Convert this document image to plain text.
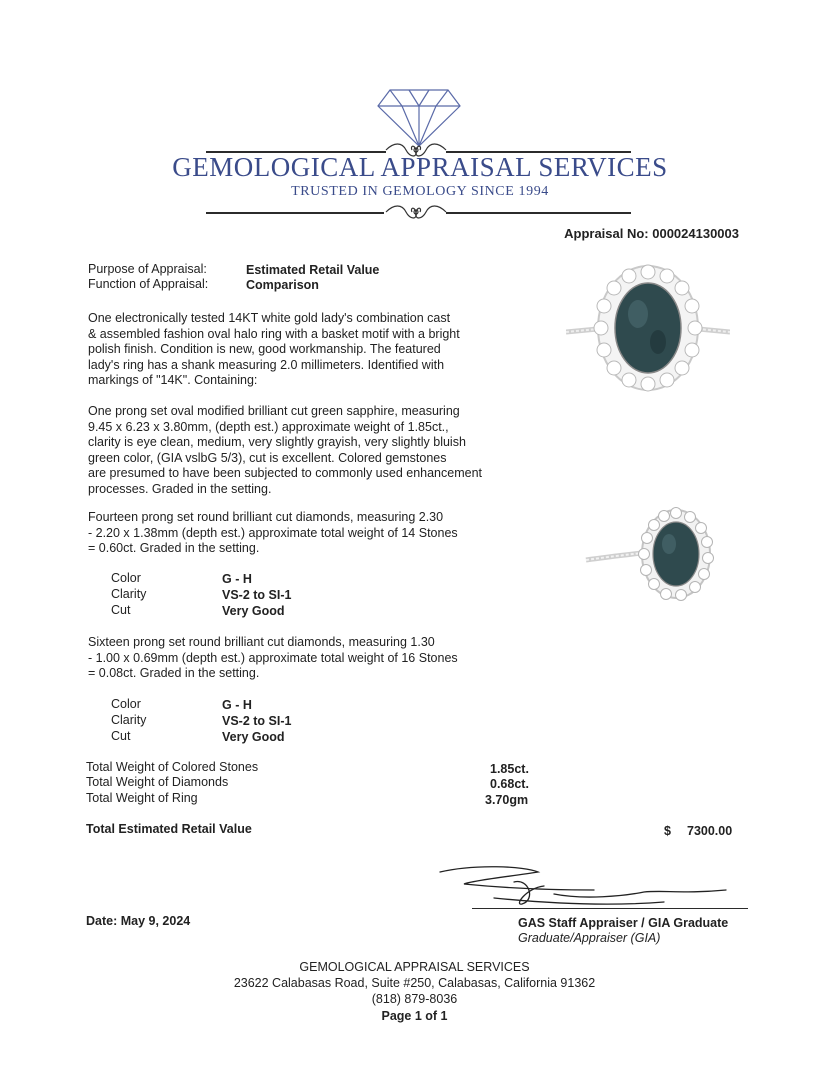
GEMOLOGICAL APPRAISAL SERVICES
TRUSTED IN GEMOLOGY SINCE 1994
Appraisal No: 000024130003
Purpose of Appraisal:	Estimated Retail Value
Function of Appraisal:	Comparison
One electronically tested 14KT white gold lady's combination cast
& assembled fashion oval halo ring with a basket motif with a bright
polish finish. Condition is new, good workmanship. The featured
lady's ring has a shank measuring 2.0 millimeters. Identified with
markings of "14K". Containing:
One prong set oval modified brilliant cut green sapphire, measuring
9.45 x 6.23 x 3.80mm, (depth est.) approximate weight of 1.85ct.,
clarity is eye clean, medium, very slightly grayish, very slightly bluish
green color, (GIA vslbG 5/3), cut is excellent. Colored gemstones
are presumed to have been subjected to commonly used enhancement
processes. Graded in the setting.
Fourteen prong set round brilliant cut diamonds, measuring 2.30
- 2.20 x 1.38mm (depth est.) approximate total weight of 14 Stones
= 0.60ct. Graded in the setting.
Color	G - H
Clarity	VS-2 to SI-1
Cut	Very Good
Sixteen prong set round brilliant cut diamonds, measuring 1.30
- 1.00 x 0.69mm (depth est.) approximate total weight of 16 Stones
= 0.08ct. Graded in the setting.
Color	G - H
Clarity	VS-2 to SI-1
Cut	Very Good
Total Weight of Colored Stones	1.85ct.
Total Weight of Diamonds	0.68ct.
Total Weight of Ring	3.70gm
Total Estimated Retail Value	$ 7300.00
Date: May 9, 2024	GAS Staff Appraiser / GIA Graduate
Graduate/Appraiser (GIA)
GEMOLOGICAL APPRAISAL SERVICES
23622 Calabasas Road, Suite #250, Calabasas, California 91362
(818) 879-8036
Page 1 of 1
